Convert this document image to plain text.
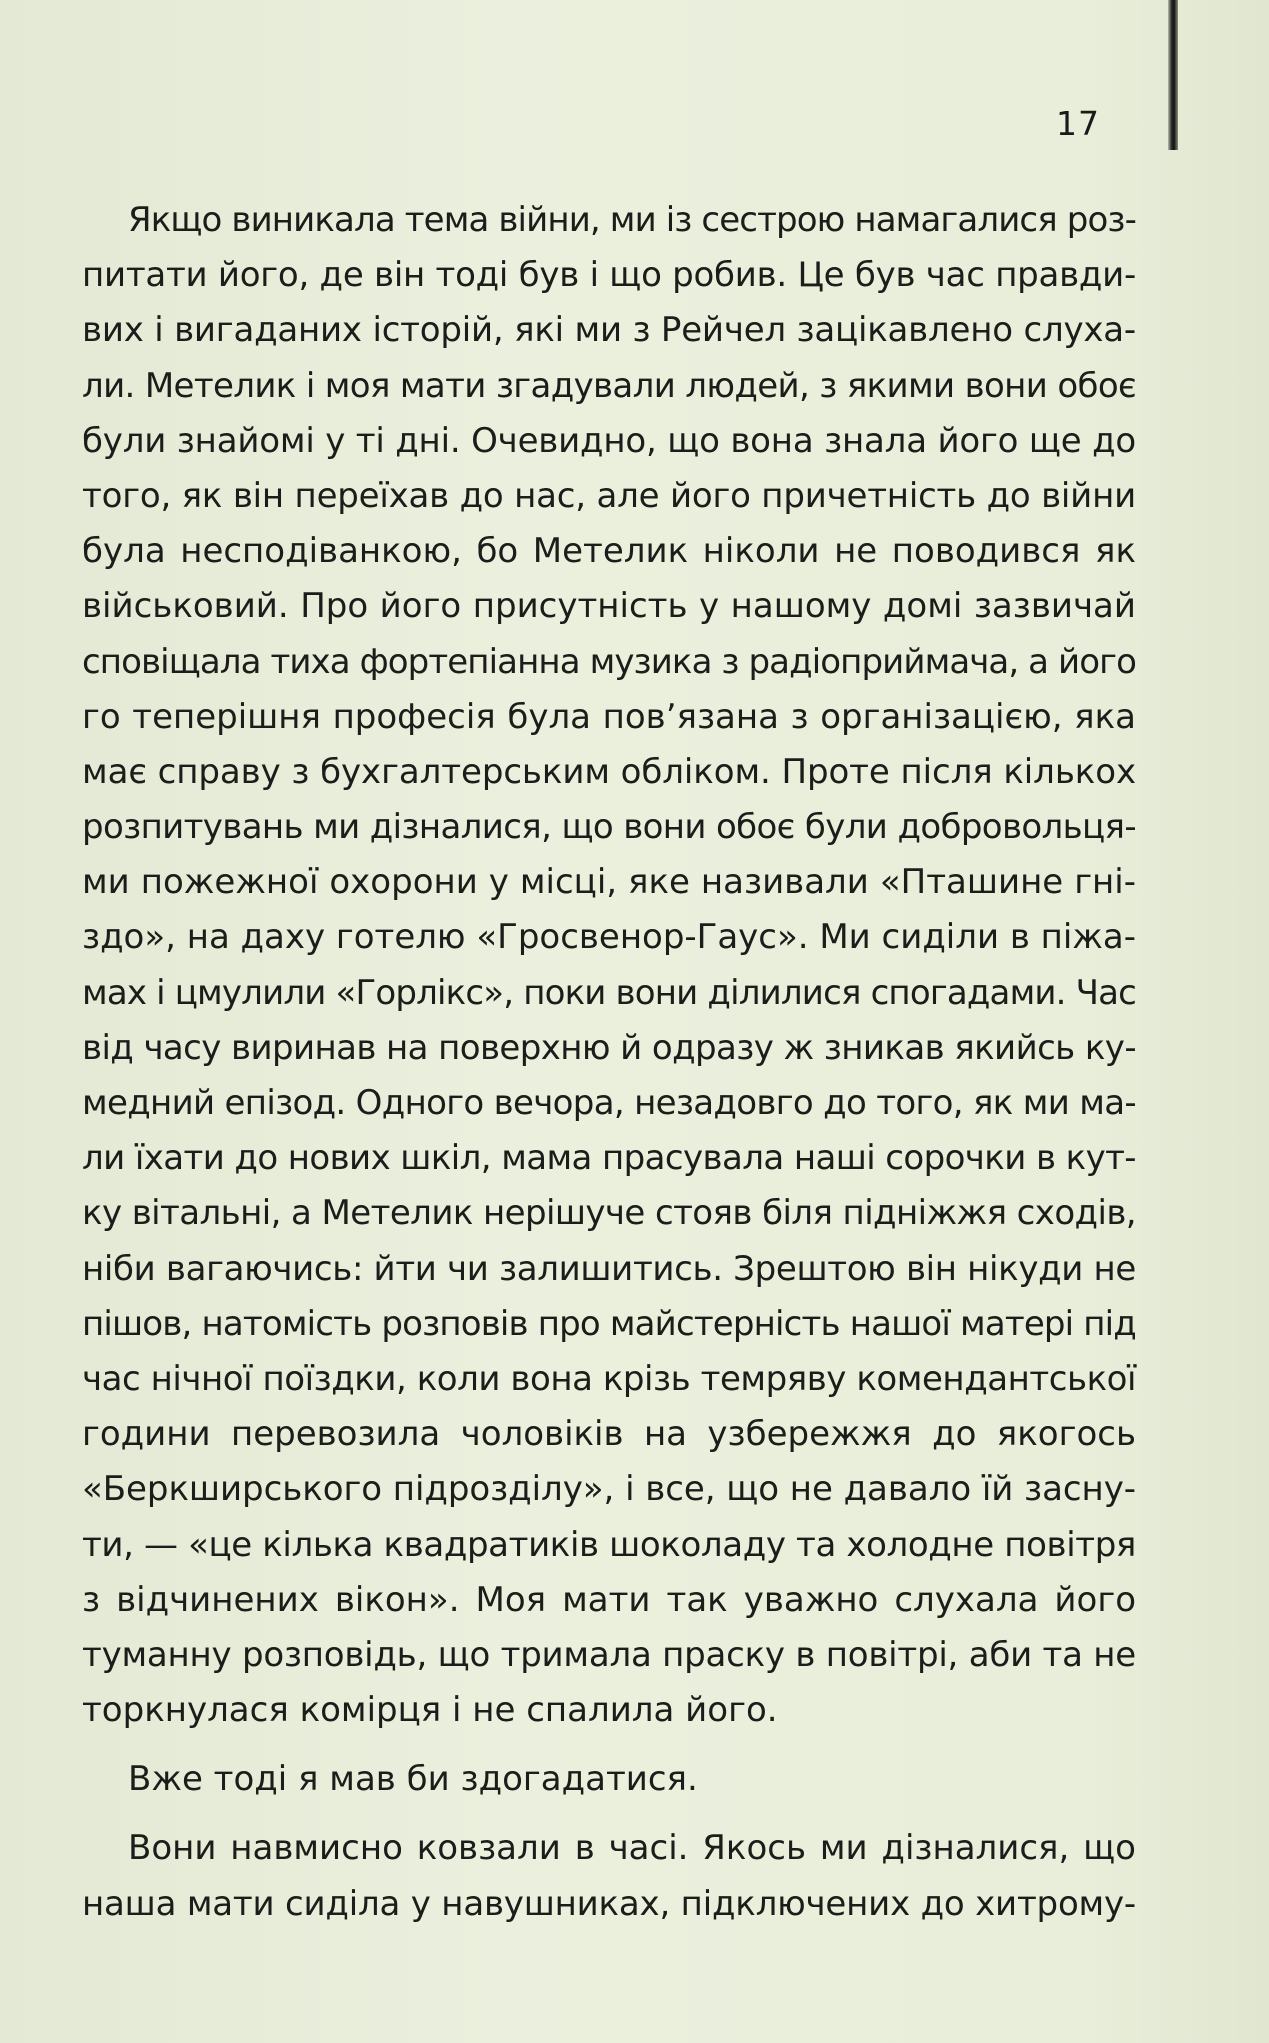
17
Якщо виникала тема війни, ми із сестрою намагалися роз-
питати його, де він тоді був і що робив. Це був час правди-
вих і вигаданих історій, які ми з Рейчел зацікавлено слуха-
ли. Метелик і моя мати згадували людей, з якими вони обоє
були знайомі у ті дні. Очевидно, що вона знала його ще до
того, як він переїхав до нас, але його причетність до війни
була несподіванкою, бо Метелик ніколи не поводився як
військовий. Про його присутність у нашому домі зазвичай
сповіщала тиха фортепіанна музика з радіоприймача, а його
го теперішня професія була пов’язана з організацією, яка
має справу з бухгалтерським обліком. Проте після кількох
розпитувань ми дізналися, що вони обоє були добровольця-
ми пожежної охорони у місці, яке називали «Пташине гні-
здо», на даху готелю «Гросвенор-Гаус». Ми сиділи в піжа-
мах і цмулили «Горлікс», поки вони ділилися спогадами. Час
від часу виринав на поверхню й одразу ж зникав якийсь ку-
медний епізод. Одного вечора, незадовго до того, як ми ма-
ли їхати до нових шкіл, мама прасувала наші сорочки в кут-
ку вітальні, а Метелик нерішуче стояв біля підніжжя сходів,
ніби вагаючись: йти чи залишитись. Зрештою він нікуди не
пішов, натомість розповів про майстерність нашої матері під
час нічної поїздки, коли вона крізь темряву комендантської
години перевозила чоловіків на узбережжя до якогось
«Беркширського підрозділу», і все, що не давало їй засну-
ти, — «це кілька квадратиків шоколаду та холодне повітря
з відчинених вікон». Моя мати так уважно слухала його
туманну розповідь, що тримала праску в повітрі, аби та не
торкнулася комірця і не спалила його.
Вже тоді я мав би здогадатися.
Вони навмисно ковзали в часі. Якось ми дізналися, що
наша мати сиділа у навушниках, підключених до хитрому-
